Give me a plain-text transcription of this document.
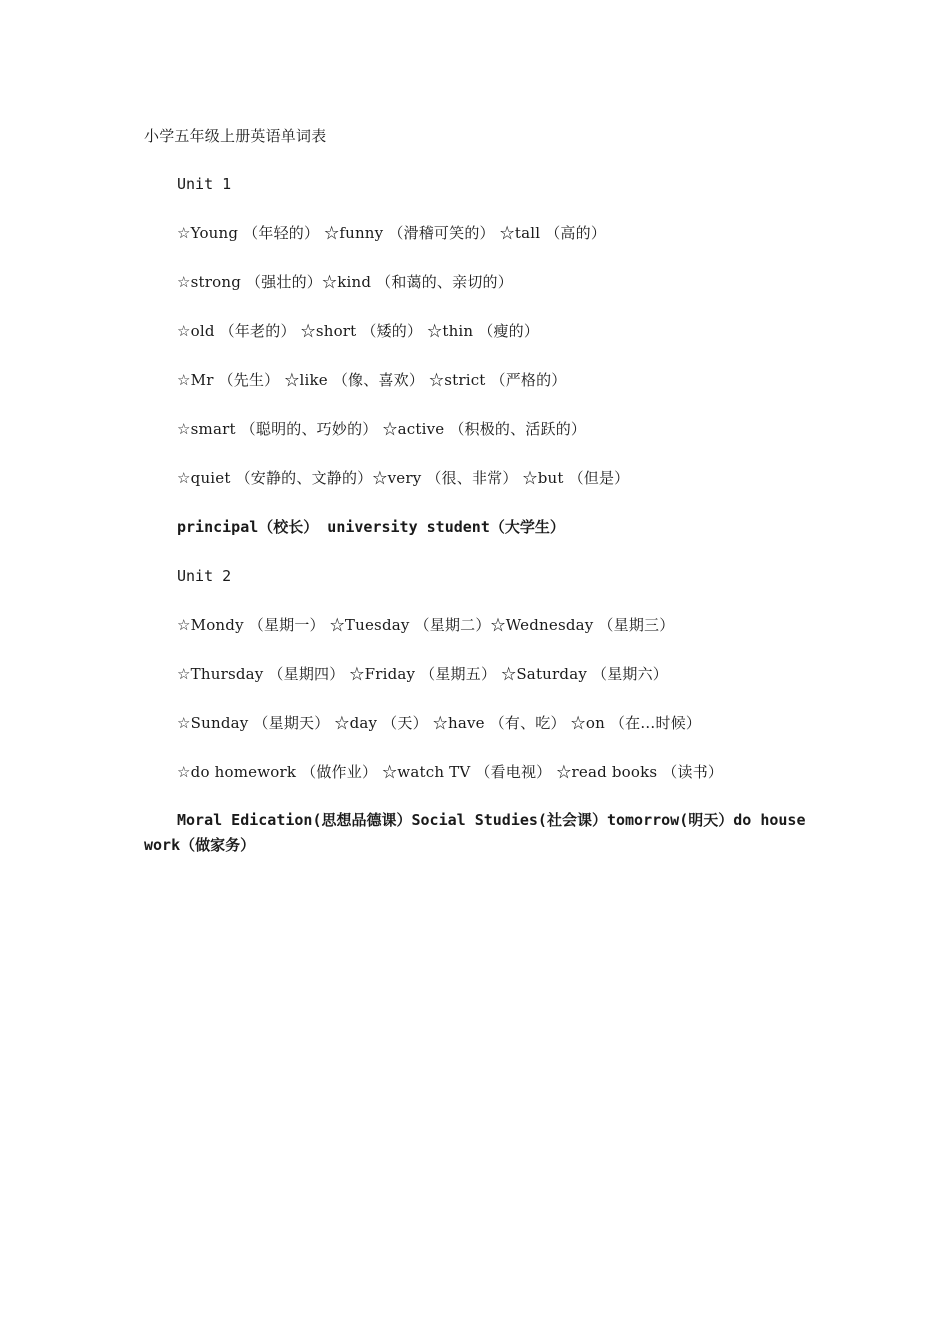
小学五年级上册英语单词表
Unit 1
☆Young （年轻的） ☆funny （滑稽可笑的） ☆tall （高的）
☆strong （强壮的）☆kind （和蔼的、亲切的）
☆old （年老的） ☆short （矮的） ☆thin （瘦的）
☆Mr （先生） ☆like （像、喜欢） ☆strict （严格的）
☆smart （聪明的、巧妙的） ☆active （积极的、活跃的）
☆quiet （安静的、文静的）☆very （很、非常） ☆but （但是）
principal（校长） university student（大学生）
Unit 2
☆Mondy （星期一） ☆Tuesday （星期二）☆Wednesday （星期三）
☆Thursday （星期四） ☆Friday （星期五） ☆Saturday （星期六）
☆Sunday （星期天） ☆day （天） ☆have （有、吃） ☆on （在…时候）
☆do homework （做作业） ☆watch TV （看电视） ☆read books （读书）
Moral Edication(思想品德课）Social Studies(社会课）tomorrow(明天）do house work（做家务）
